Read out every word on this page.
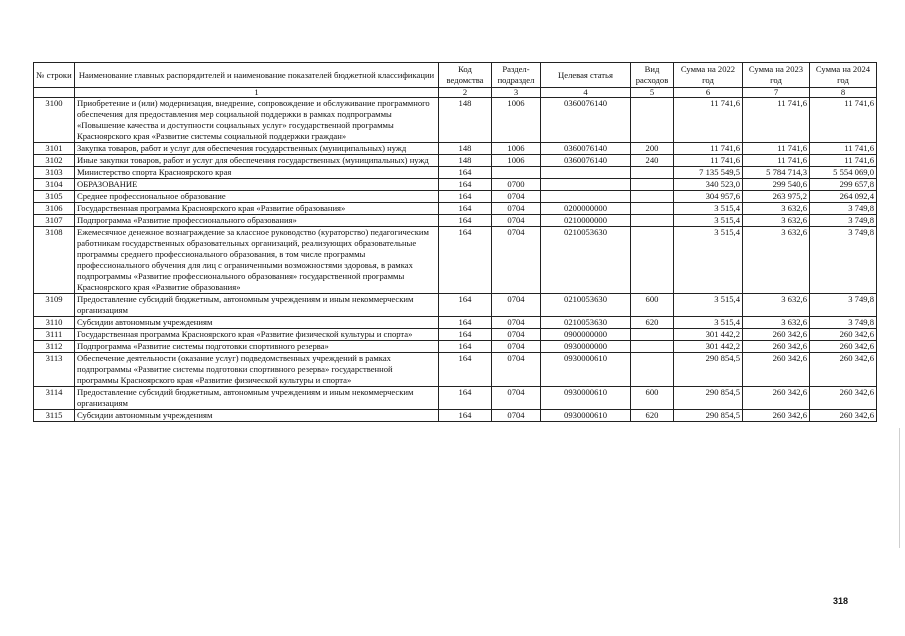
№ строки	Наименование главных распорядителей и наименование показателей бюджетной классификации	Код ведомства	Раздел- подраздел	Целевая статья	Вид расходов	Сумма на 2022 год	Сумма на 2023 год	Сумма на 2024 год
	1	2	3	4	5	6	7	8
3100	Приобретение и (или) модернизация, внедрение, сопровождение и обслуживание программного обеспечения для предоставления мер социальной поддержки в рамках подпрограммы «Повышение качества и доступности социальных услуг» государственной программы Красноярского края «Развитие системы социальной поддержки граждан»	148	1006	0360076140		11 741,6	11 741,6	11 741,6
3101	Закупка товаров, работ и услуг для обеспечения государственных (муниципальных) нужд	148	1006	0360076140	200	11 741,6	11 741,6	11 741,6
3102	Иные закупки товаров, работ и услуг для обеспечения государственных (муниципальных) нужд	148	1006	0360076140	240	11 741,6	11 741,6	11 741,6
3103	Министерство спорта Красноярского края	164				7 135 549,5	5 784 714,3	5 554 069,0
3104	ОБРАЗОВАНИЕ	164	0700			340 523,0	299 540,6	299 657,8
3105	Среднее профессиональное образование	164	0704			304 957,6	263 975,2	264 092,4
3106	Государственная программа Красноярского края «Развитие образования»	164	0704	0200000000		3 515,4	3 632,6	3 749,8
3107	Подпрограмма «Развитие профессионального образования»	164	0704	0210000000		3 515,4	3 632,6	3 749,8
3108	Ежемесячное денежное вознаграждение за классное руководство (кураторство) педагогическим работникам государственных образовательных организаций, реализующих образовательные программы среднего профессионального образования, в том числе программы профессионального обучения для лиц с ограниченными возможностями здоровья, в рамках подпрограммы «Развитие профессионального образования» государственной программы Красноярского края «Развитие образования»	164	0704	0210053630		3 515,4	3 632,6	3 749,8
3109	Предоставление субсидий бюджетным, автономным учреждениям и иным некоммерческим организациям	164	0704	0210053630	600	3 515,4	3 632,6	3 749,8
3110	Субсидии автономным учреждениям	164	0704	0210053630	620	3 515,4	3 632,6	3 749,8
3111	Государственная программа Красноярского края «Развитие физической культуры и спорта»	164	0704	0900000000		301 442,2	260 342,6	260 342,6
3112	Подпрограмма «Развитие системы подготовки спортивного резерва»	164	0704	0930000000		301 442,2	260 342,6	260 342,6
3113	Обеспечение деятельности (оказание услуг) подведомственных учреждений в рамках подпрограммы «Развитие системы подготовки спортивного резерва» государственной программы Красноярского края «Развитие физической культуры и спорта»	164	0704	0930000610		290 854,5	260 342,6	260 342,6
3114	Предоставление субсидий бюджетным, автономным учреждениям и иным некоммерческим организациям	164	0704	0930000610	600	290 854,5	260 342,6	260 342,6
3115	Субсидии автономным учреждениям	164	0704	0930000610	620	290 854,5	260 342,6	260 342,6
318
